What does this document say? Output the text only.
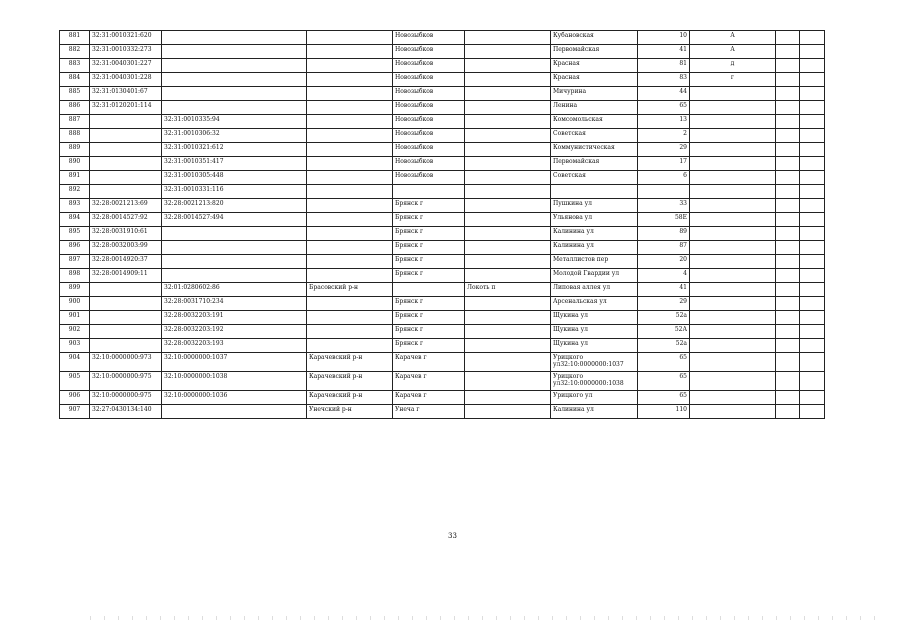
881	32:31:0010321:620			Новозыбков		Кубановская	10	А		
882	32:31:0010332:273			Новозыбков		Первомайская	41	А		
883	32:31:0040301:227			Новозыбков		Красная	81	д		
884	32:31:0040301:228			Новозыбков		Красная	83	г		
885	32:31:0130401:67			Новозыбков		Мичурина	44			
886	32:31:0120201:114			Новозыбков		Ленина	65			
887		32:31:0010335:94		Новозыбков		Комсомольская	13			
888		32:31:0010306:32		Новозыбков		Советская	2			
889		32:31:0010321:612		Новозыбков		Коммунистическая	29			
890		32:31:0010351:417		Новозыбков		Первомайская	17			
891		32:31:0010305:448		Новозыбков		Советская	6			
892		32:31:0010331:116								
893	32:28:0021213:69	32:28:0021213:820		Брянск г		Пушкина ул	33			
894	32:28:0014527:92	32:28:0014527:494		Брянск г		Ульянова ул	58Е			
895	32:28:0031910:61			Брянск г		Калинина ул	89			
896	32:28:0032003:99			Брянск г		Калинина ул	87			
897	32:28:0014920:37			Брянск г		Металлистов пер	20			
898	32:28:0014909:11			Брянск г		Молодой Гвардии ул	4			
899		32:01:0280602:86	Брасовский р-н		Локоть п	Липовая аллея ул	41			
900		32:28:0031710:234		Брянск г		Арсенальская ул	29			
901		32:28:0032203:191		Брянск г		Щукина ул	52а			
902		32:28:0032203:192		Брянск г		Щукина ул	52А			
903		32:28:0032203:193		Брянск г		Щукина ул	52а			
904	32:10:0000000:973	32:10:0000000:1037	Карачевский р-н	Карачев г		Урицкого ул32:10:0000000:1037	65			
905	32:10:0000000:975	32:10:0000000:1038	Карачевский р-н	Карачев г		Урицкого ул32:10:0000000:1038	65			
906	32:10:0000000:975	32:10:0000000:1036	Карачевский р-н	Карачев г		Урицкого ул	65			
907	32:27:0430134:140		Унечский р-н	Унеча г		Калинина ул	110			
33
